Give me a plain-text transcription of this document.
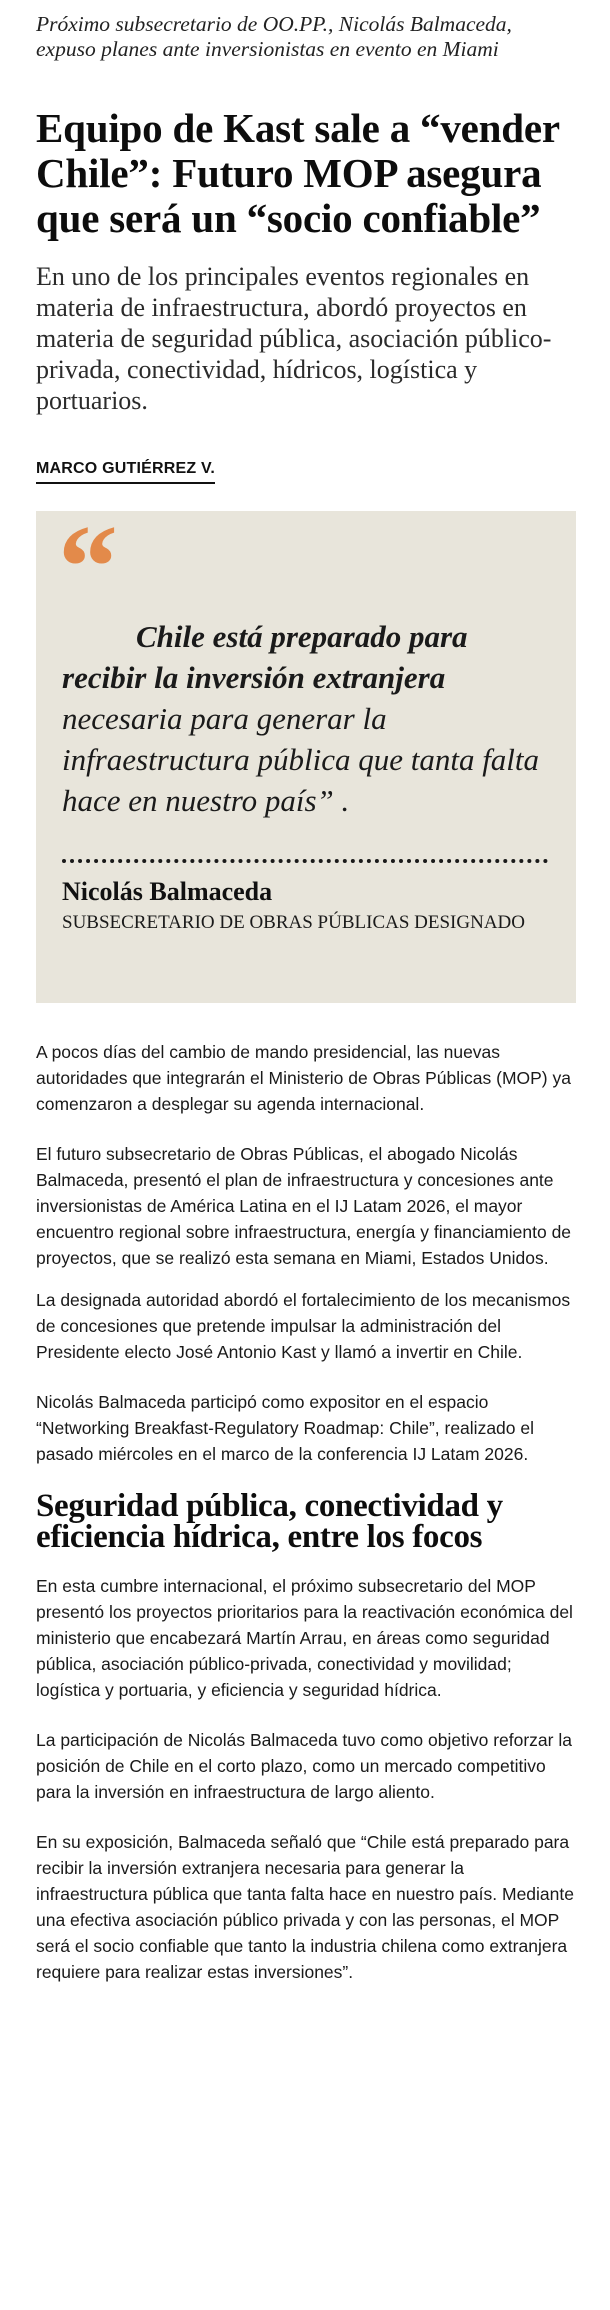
Próximo subsecretario de OO.PP., Nicolás Balmaceda, expuso planes ante inversionistas en evento en Miami

Equipo de Kast sale a “vender Chile”: Futuro MOP asegura que será un “socio confiable”

En uno de los principales eventos regionales en materia de infraestructura, abordó proyectos en materia de seguridad pública, asociación público-privada, conectividad, hídricos, logística y portuarios.

MARCO GUTIÉRREZ V.
“

Chile está preparado para recibir la inversión extranjera necesaria para generar la infraestructura pública que tanta falta hace en nuestro país” .

Nicolás Balmaceda
SUBSECRETARIO DE OBRAS PÚBLICAS DESIGNADO

A pocos días del cambio de mando presidencial, las nuevas autoridades que integrarán el Ministerio de Obras Públicas (MOP) ya comenzaron a desplegar su agenda internacional.

El futuro subsecretario de Obras Públicas, el abogado Nicolás Balmaceda, presentó el plan de infraestructura y concesiones ante inversionistas de América Latina en el IJ Latam 2026, el mayor encuentro regional sobre infraestructura, energía y financiamiento de proyectos, que se realizó esta semana en Miami, Estados Unidos.

La designada autoridad abordó el fortalecimiento de los mecanismos de concesiones que pretende impulsar la administración del Presidente electo José Antonio Kast y llamó a invertir en Chile.

Nicolás Balmaceda participó como expositor en el espacio “Networking Breakfast-Regulatory Roadmap: Chile”, realizado el pasado miércoles en el marco de la conferencia IJ Latam 2026.

Seguridad pública, conectividad y eficiencia hídrica, entre los focos

En esta cumbre internacional, el próximo subsecretario del MOP presentó los proyectos prioritarios para la reactivación económica del ministerio que encabezará Martín Arrau, en áreas como seguridad pública, asociación público-privada, conectividad y movilidad; logística y portuaria, y eficiencia y seguridad hídrica.

La participación de Nicolás Balmaceda tuvo como objetivo reforzar la posición de Chile en el corto plazo, como un mercado competitivo para la inversión en infraestructura de largo aliento.

En su exposición, Balmaceda señaló que “Chile está preparado para recibir la inversión extranjera necesaria para generar la infraestructura pública que tanta falta hace en nuestro país. Mediante una efectiva asociación público privada y con las personas, el MOP será el socio confiable que tanto la industria chilena como extranjera requiere para realizar estas inversiones”.
